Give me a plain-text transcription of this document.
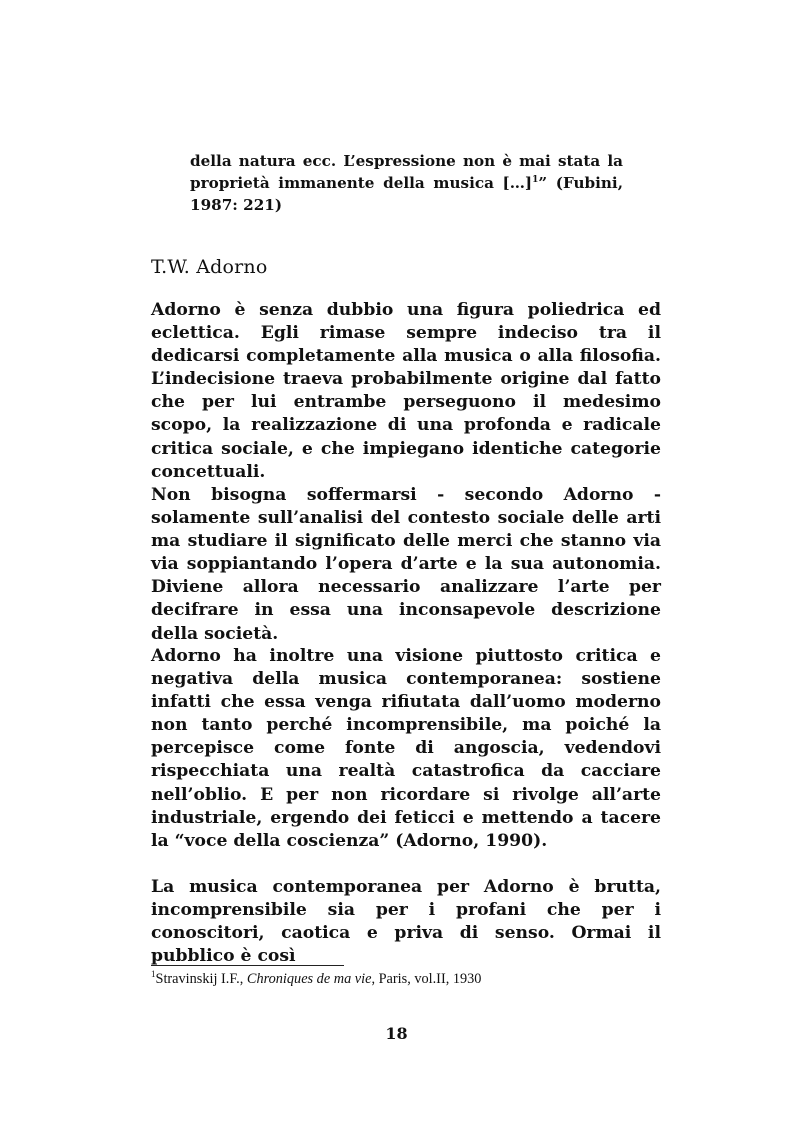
della natura ecc. L’espressione non è mai stata la proprietà immanente della musica […]$^1$” (Fubini, 1987: 221)
T.W. Adorno

Adorno è senza dubbio una figura poliedrica ed eclettica. Egli rimase sempre indeciso tra il dedicarsi completamente alla musica o alla filosofia. L’indecisione traeva probabilmente origine dal fatto che per lui entrambe perseguono il medesimo scopo, la realizzazione di una profonda e radicale critica sociale, e che impiegano identiche categorie concettuali.

Non bisogna soffermarsi - secondo Adorno - solamente sull’analisi del contesto sociale delle arti ma studiare il significato delle merci che stanno via via soppiantando l’opera d’arte e la sua autonomia. Diviene allora necessario analizzare l’arte per decifrare in essa una inconsapevole descrizione della società.

Adorno ha inoltre una visione piuttosto critica e negativa della musica contemporanea: sostiene infatti che essa venga rifiutata dall’uomo moderno non tanto perché incomprensibile, ma poiché la percepisce come fonte di angoscia, vedendovi rispecchiata una realtà catastrofica da cacciare nell’oblio. E per non ricordare si rivolge all’arte industriale, ergendo dei feticci e mettendo a tacere la “voce della coscienza” (Adorno, 1990).

La musica contemporanea per Adorno è brutta, incomprensibile sia per i profani che per i conoscitori, caotica e priva di senso. Ormai il pubblico è così

$^1$Stravinskij I.F., Chroniques de ma vie, Paris, vol.II, 1930
18
